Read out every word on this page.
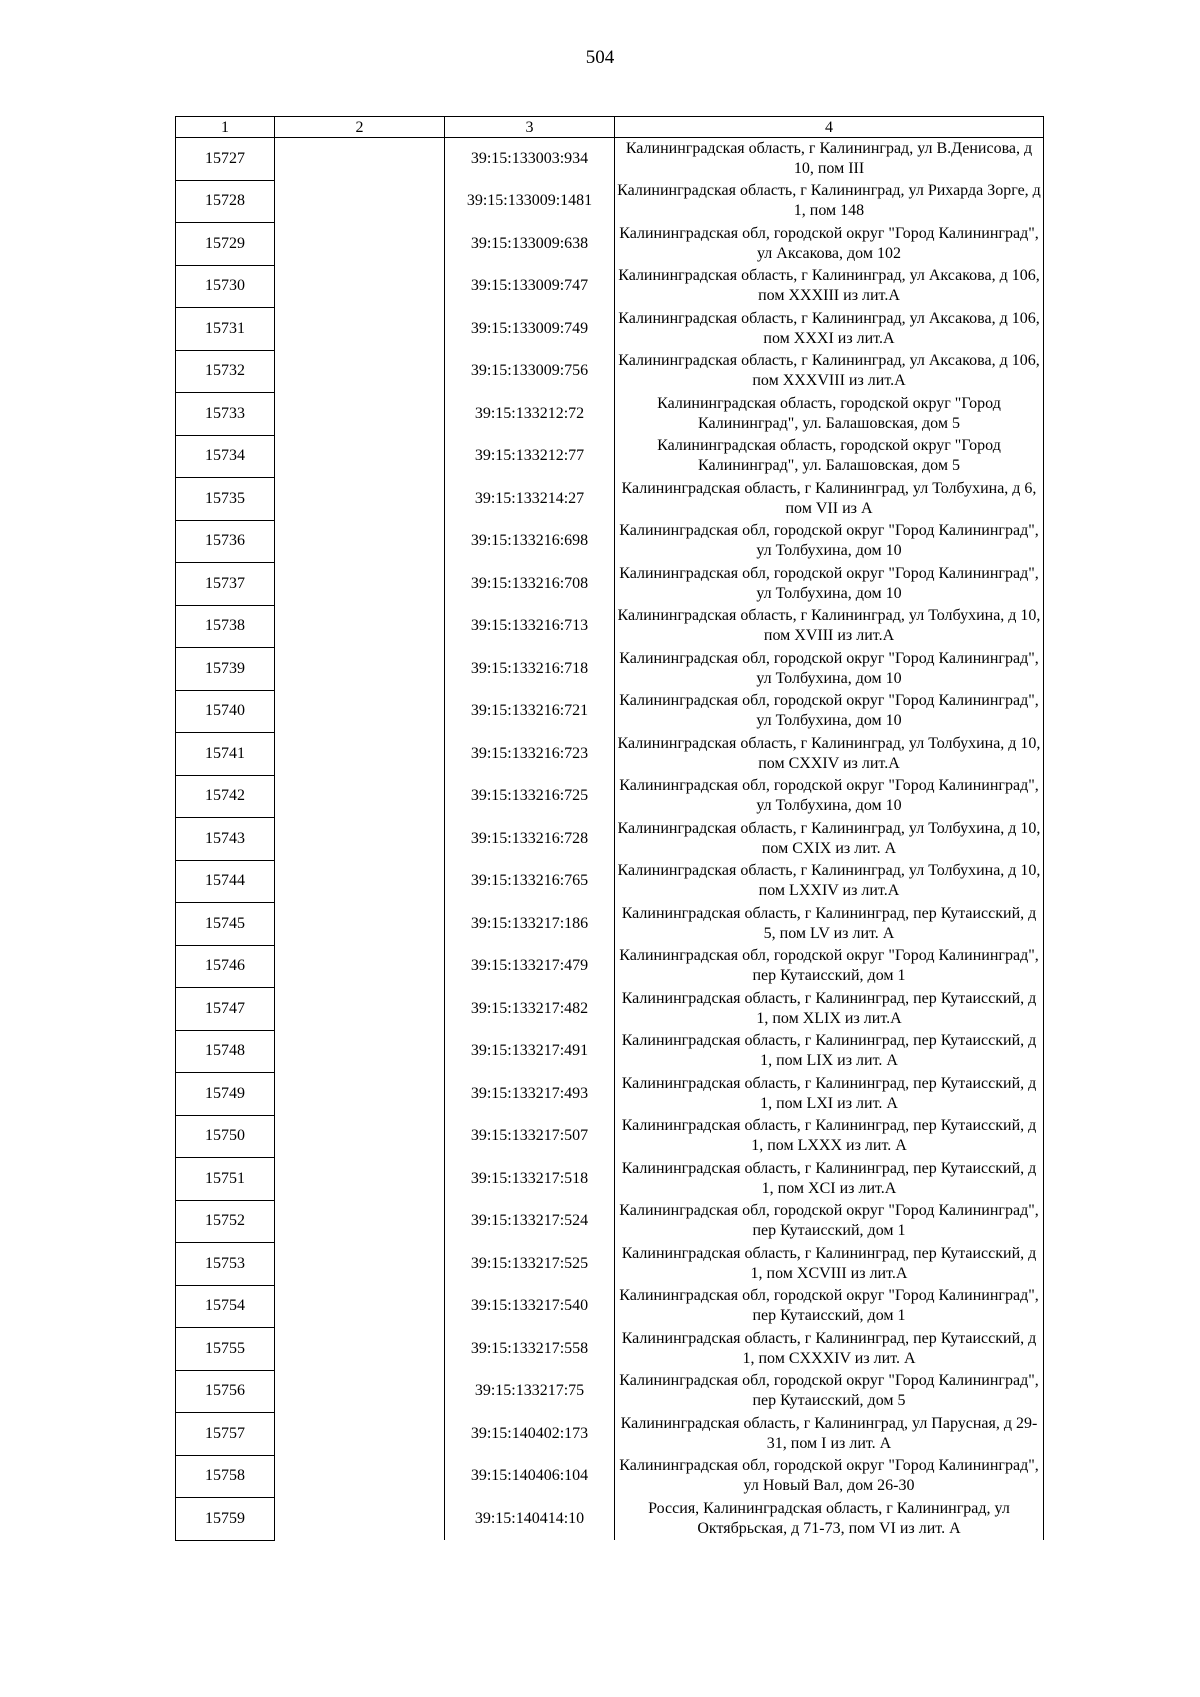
504
1	2	3	4
15727		39:15:133003:934	Калининградская область, г Калининград, ул В.Денисова, д 10, пом III
15728		39:15:133009:1481	Калининградская область, г Калининград, ул Рихарда Зорге, д 1, пом 148
15729		39:15:133009:638	Калининградская обл, городской округ "Город Калининград", ул Аксакова, дом 102
15730		39:15:133009:747	Калининградская область, г Калининград, ул Аксакова, д 106, пом XXXIII из лит.А
15731		39:15:133009:749	Калининградская область, г Калининград, ул Аксакова, д 106, пом XXXI из лит.А
15732		39:15:133009:756	Калининградская область, г Калининград, ул Аксакова, д 106, пом XXXVIII из лит.А
15733		39:15:133212:72	Калининградская область, городской округ "Город Калининград", ул. Балашовская, дом 5
15734		39:15:133212:77	Калининградская область, городской округ "Город Калининград", ул. Балашовская, дом 5
15735		39:15:133214:27	Калининградская область, г Калининград, ул Толбухина, д 6, пом VII из А
15736		39:15:133216:698	Калининградская обл, городской округ "Город Калининград", ул Толбухина, дом 10
15737		39:15:133216:708	Калининградская обл, городской округ "Город Калининград", ул Толбухина, дом 10
15738		39:15:133216:713	Калининградская область, г Калининград, ул Толбухина, д 10, пом XVIII из лит.А
15739		39:15:133216:718	Калининградская обл, городской округ "Город Калининград", ул Толбухина, дом 10
15740		39:15:133216:721	Калининградская обл, городской округ "Город Калининград", ул Толбухина, дом 10
15741		39:15:133216:723	Калининградская область, г Калининград, ул Толбухина, д 10, пом CXXIV из лит.А
15742		39:15:133216:725	Калининградская обл, городской округ "Город Калининград", ул Толбухина, дом 10
15743		39:15:133216:728	Калининградская область, г Калининград, ул Толбухина, д 10, пом CXIX из лит. А
15744		39:15:133216:765	Калининградская область, г Калининград, ул Толбухина, д 10, пом LXXIV из лит.А
15745		39:15:133217:186	Калининградская область, г Калининград, пер Кутаисский, д 5, пом LV из лит. А
15746		39:15:133217:479	Калининградская обл, городской округ "Город Калининград", пер Кутаисский, дом 1
15747		39:15:133217:482	Калининградская область, г Калининград, пер Кутаисский, д 1, пом XLIX из лит.А
15748		39:15:133217:491	Калининградская область, г Калининград, пер Кутаисский, д 1, пом LIX из лит. А
15749		39:15:133217:493	Калининградская область, г Калининград, пер Кутаисский, д 1, пом LXI из лит. А
15750		39:15:133217:507	Калининградская область, г Калининград, пер Кутаисский, д 1, пом LXXX из лит. А
15751		39:15:133217:518	Калининградская область, г Калининград, пер Кутаисский, д 1, пом XCI из лит.А
15752		39:15:133217:524	Калининградская обл, городской округ "Город Калининград", пер Кутаисский, дом 1
15753		39:15:133217:525	Калининградская область, г Калининград, пер Кутаисский, д 1, пом XCVIII из лит.А
15754		39:15:133217:540	Калининградская обл, городской округ "Город Калининград", пер Кутаисский, дом 1
15755		39:15:133217:558	Калининградская область, г Калининград, пер Кутаисский, д 1, пом CXXXIV из лит. А
15756		39:15:133217:75	Калининградская обл, городской округ "Город Калининград", пер Кутаисский, дом 5
15757		39:15:140402:173	Калининградская область, г Калининград, ул Парусная, д 29-31, пом I из лит. А
15758		39:15:140406:104	Калининградская обл, городской округ "Город Калининград", ул Новый Вал, дом 26-30
15759		39:15:140414:10	Россия, Калининградская область, г Калининград, ул Октябрьская, д 71-73, пом VI из лит. А
